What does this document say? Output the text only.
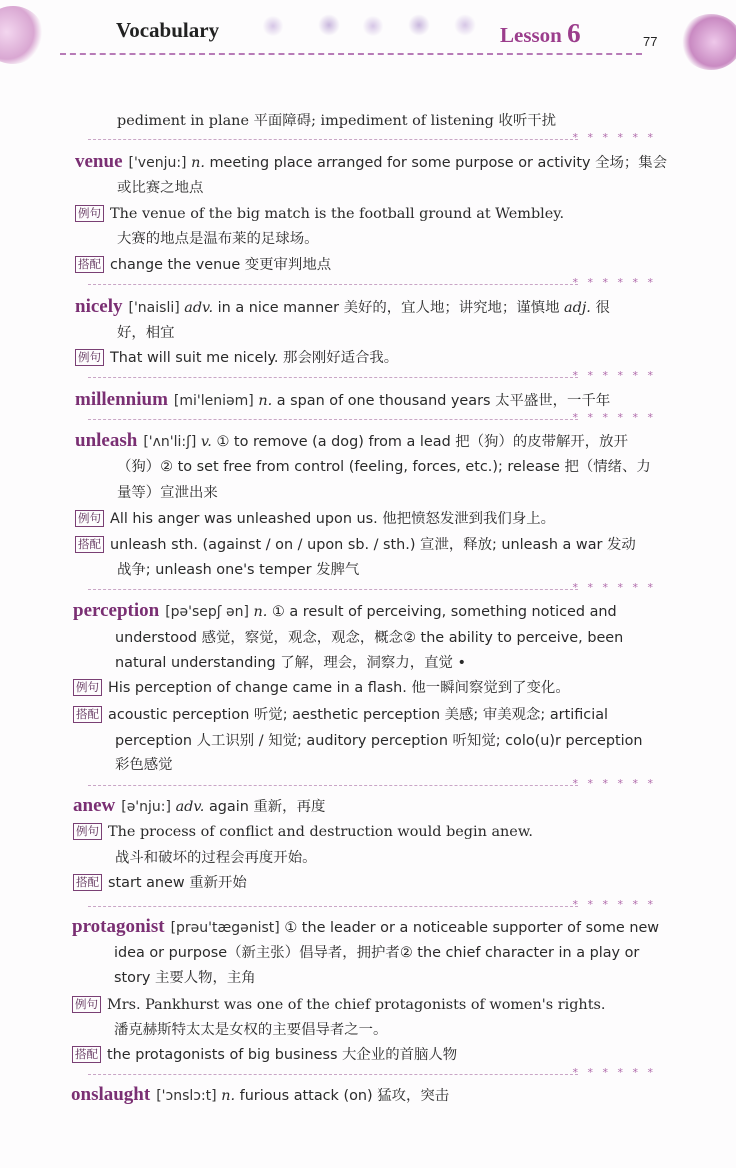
Vocabulary	Lesson 6	77
pediment in plane 平面障碍; impediment of listening 收听干扰
* * * * * *
venue ['venju:] n. meeting place arranged for some purpose or activity 全场；集会
或比赛之地点
例句 The venue of the big match is the football ground at Wembley.
大赛的地点是温布莱的足球场。
搭配 change the venue 变更审判地点
* * * * * *
nicely ['naisli] adv. in a nice manner 美好的，宜人地；讲究地；谨慎地 adj. 很
好，相宜
例句 That will suit me nicely. 那会刚好适合我。
* * * * * *
millennium [mi'leniəm] n. a span of one thousand years 太平盛世，一千年
* * * * * *
unleash ['ʌn'li:ʃ] v. ① to remove (a dog) from a lead 把（狗）的皮带解开，放开
（狗）② to set free from control (feeling, forces, etc.); release 把（情绪、力
量等）宣泄出来
例句 All his anger was unleashed upon us. 他把愤怒发泄到我们身上。
搭配 unleash sth. (against / on / upon sb. / sth.) 宣泄，释放; unleash a war 发动
战争; unleash one's temper 发脾气
* * * * * *
perception [pə'sepʃ ən] n. ① a result of perceiving, something noticed and
understood 感觉，察觉，观念，观念，概念② the ability to perceive, been
natural understanding 了解，理会，洞察力，直觉 •
例句 His perception of change came in a flash. 他一瞬间察觉到了变化。
搭配 acoustic perception 听觉; aesthetic perception 美感; 审美观念; artificial
perception 人工识别 / 知觉; auditory perception 听知觉; colo(u)r perception
彩色感觉
* * * * * *
anew [ə'nju:] adv. again 重新，再度
例句 The process of conflict and destruction would begin anew.
战斗和破坏的过程会再度开始。
搭配 start anew 重新开始
* * * * * *
protagonist [prəu'tægənist] ① the leader or a noticeable supporter of some new
idea or purpose（新主张）倡导者，拥护者② the chief character in a play or
story 主要人物，主角
例句 Mrs. Pankhurst was one of the chief protagonists of women's rights.
潘克赫斯特太太是女权的主要倡导者之一。
搭配 the protagonists of big business 大企业的首脑人物
* * * * * *
onslaught ['ɔnslɔ:t] n. furious attack (on) 猛攻，突击
